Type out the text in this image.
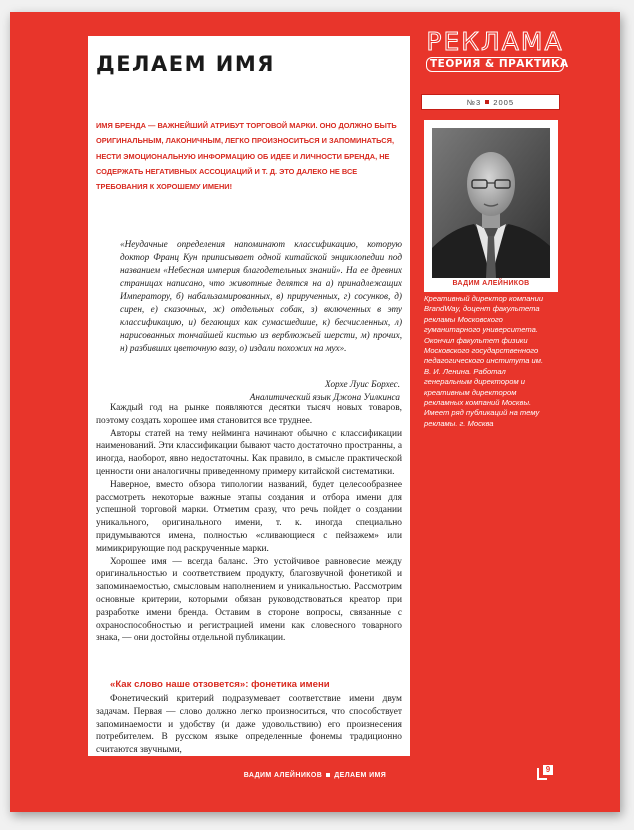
ДЕЛАЕМ ИМЯ

ИМЯ БРЕНДА — ВАЖНЕЙШИЙ АТРИБУТ ТОРГОВОЙ МАРКИ. ОНО ДОЛЖНО БЫТЬ ОРИГИНАЛЬНЫМ, ЛАКОНИЧНЫМ, ЛЕГКО ПРОИЗНОСИТЬСЯ И ЗАПОМИНАТЬСЯ, НЕСТИ ЭМОЦИОНАЛЬНУЮ ИНФОРМАЦИЮ ОБ ИДЕЕ И ЛИЧНОСТИ БРЕНДА, НЕ СОДЕРЖАТЬ НЕГАТИВНЫХ АССОЦИАЦИЙ И Т. Д. ЭТО ДАЛЕКО НЕ ВСЕ ТРЕБОВАНИЯ К ХОРОШЕМУ ИМЕНИ!

«Неудачные определения напоминают классификацию, которую доктор Франц Кун приписывает одной китайской энциклопедии под названием «Небесная империя благодетельных знаний». На ее древних страницах написано, что животные делятся на а) принадлежащих Императору, б) набальзамированных, в) прирученных, г) сосунков, д) сирен, е) сказочных, ж) отдельных собак, з) включенных в эту классификацию, и) бегающих как сумасшедшие, к) бесчисленных, л) нарисованных тончайшей кистью из верблюжьей шерсти, м) прочих, н) разбивших цветочную вазу, о) издали похожих на мух».

Хорхе Луис Борхес.
Аналитический язык Джона Уилкинса

Каждый год на рынке появляются десятки тысяч новых товаров, поэтому создать хорошее имя становится все труднее.

Авторы статей на тему нейминга начинают обычно с классификации наименований. Эти классификации бывают часто достаточно пространны, а иногда, наоборот, явно недостаточны. Как правило, в смысле практической ценности они аналогичны приведенному примеру китайской систематики.

Наверное, вместо обзора типологии названий, будет целесообразнее рассмотреть некоторые важные этапы создания и отбора имени для успешной торговой марки. Отметим сразу, что речь пойдет о создании уникального, оригинального имени, т. к. иногда специально придумываются имена, полностью «сливающиеся с пейзажем» или мимикрирующие под раскрученные марки.

Хорошее имя — всегда баланс. Это устойчивое равновесие между оригинальностью и соответствием продукту, благозвучной фонетикой и запоминаемостью, смысловым наполнением и уникальностью. Рассмотрим основные критерии, которыми обязан руководствоваться креатор при разработке имени бренда. Оставим в стороне вопросы, связанные с охраноспособностью и регистрацией имени как словесного товарного знака, — они достойны отдельной публикации.

«Как слово наше отзовется»: фонетика имени

Фонетический критерий подразумевает соответствие имени двум задачам. Первая — слово должно легко произноситься, что способствует запоминаемости и удобству (и даже удовольствию) его произнесения потребителем. В русском языке определенные фонемы традиционно считаются звучными,

РЕКЛАМА
ТЕОРИЯ & ПРАКТИКА
№3 2005

ВАДИМ АЛЕЙНИКОВ

Креативный директор компании BrandWay, доцент факультета рекламы Московского гуманитарного университета. Окончил факультет физики Московского государственного педагогического института им. В. И. Ленина. Работал генеральным директором и креативным директором рекламных компаний Москвы. Имеет ряд публикаций на тему рекламы. г. Москва

ВАДИМ АЛЕЙНИКОВ ДЕЛАЕМ ИМЯ
9
